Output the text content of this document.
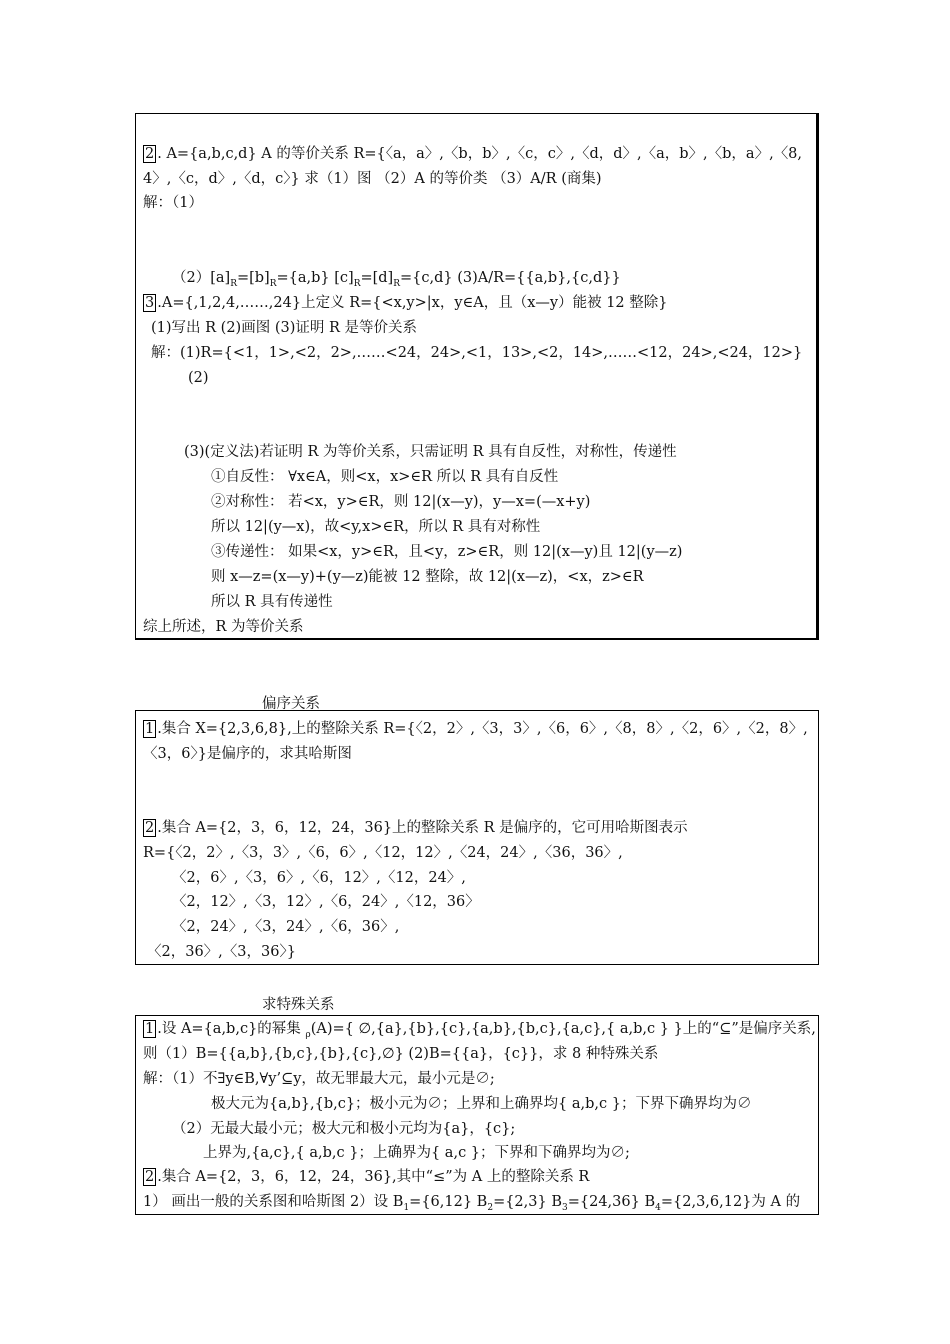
2 . A={a,b,c,d} A 的等价关系 R={〈a，a〉,〈b，b〉,〈c，c〉,〈d，d〉,〈a，b〉,〈b，a〉,〈8,
4〉,〈c，d〉,〈d，c〉} 求（1）图 （2）A 的等价类 （3）A/R (商集)
解：（1）
$(2)[a]_R=[b]_R=\{a,b\}$ $[c]_R=[d]_R=\{c,d\}$ (3)A/R={{a,b},{c,d}}
3 .A={,1,2,4,……,24}上定义 R={<x,y>|x，y∈A，且（x—y）能被 12 整除}
(1)写出 R (2)画图 (3)证明 R 是等价关系
解：(1)R={<1，1>,<2，2>,……<24，24>,<1，13>,<2，14>,……<12，24>,<24，12>}
(2)
(3)(定义法)若证明 R 为等价关系，只需证明 R 具有自反性，对称性，传递性
①自反性： ∀x∈A，则<x，x>∈R 所以 R 具有自反性
②对称性： 若<x，y>∈R，则 12|(x—y)，y—x=(—x+y)
所以 12|(y—x)，故<y,x>∈R，所以 R 具有对称性
③传递性： 如果<x，y>∈R，且<y，z>∈R，则 12|(x—y)且 12|(y—z)
则 x—z=(x—y)+(y—z)能被 12 整除，故 12|(x—z)，<x，z>∈R
所以 R 具有传递性
综上所述，R 为等价关系
偏序关系
1 .集合 X={2,3,6,8},上的整除关系 R={〈2，2〉,〈3，3〉,〈6，6〉,〈8，8〉,〈2，6〉,〈2，8〉,
〈3，6〉}是偏序的，求其哈斯图
2 .集合 A={2，3，6，12，24，36}上的整除关系 R 是偏序的，它可用哈斯图表示
R={〈2，2〉,〈3，3〉,〈6，6〉,〈12，12〉,〈24，24〉,〈36，36〉,
〈2，6〉,〈3，6〉,〈6，12〉,〈12，24〉,
〈2，12〉,〈3，12〉,〈6，24〉,〈12，36〉
〈2，24〉,〈3，24〉,〈6，36〉,
〈2，36〉,〈3，36〉}
求特殊关系
1 .设 A={a,b,c}的幂集 $_\rho$(A)={ ∅,{a},{b},{c},{a,b},{b,c},{a,c},{ a,b,c } }上的“⊆”是偏序关系,
则（1）B={{a,b},{b,c},{b},{c},∅} (2)B={{a}，{c}}，求 8 种特殊关系
解：（1）不∃y∈B,∀y’⊆y，故无罪最大元，最小元是∅;
极大元为{a,b},{b,c}；极小元为∅；上界和上确界均{ a,b,c }；下界下确界均为∅
（2）无最大最小元；极大元和极小元均为{a}，{c};
上界为,{a,c},{ a,b,c }；上确界为{ a,c }；下界和下确界均为∅;
2 .集合 A={2，3，6，12，24，36},其中“≤”为 A 上的整除关系 R
1） 画出一般的关系图和哈斯图 2）设 $B_1=\{6,12\}$ $B_2=\{2,3\}$ $B_3=\{24,36\}$ $B_4=\{2,3,6,12\}$为 A 的
